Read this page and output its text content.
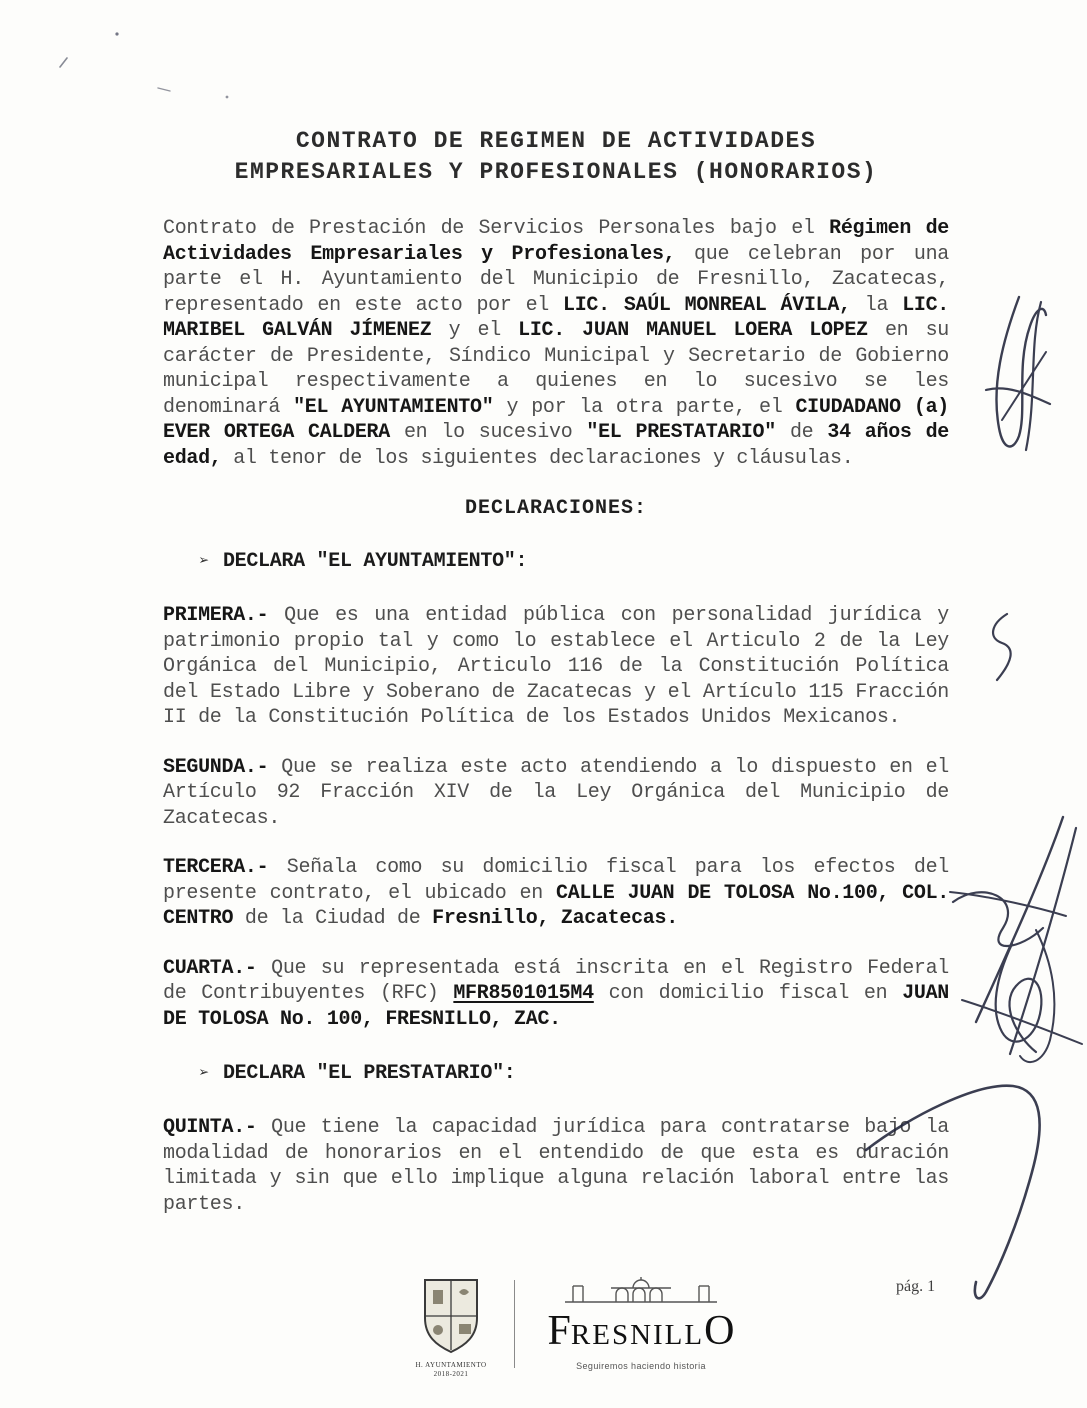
CONTRATO DE REGIMEN DE ACTIVIDADES
EMPRESARIALES Y PROFESIONALES (HONORARIOS)

Contrato de Prestación de Servicios Personales bajo el Régimen de Actividades Empresariales y Profesionales, que celebran por una parte el H. Ayuntamiento del Municipio de Fresnillo, Zacatecas, representado en este acto por el LIC. SAÚL MONREAL ÁVILA, la LIC. MARIBEL GALVÁN JÍMENEZ y el LIC. JUAN MANUEL LOERA LOPEZ en su carácter de Presidente, Síndico Municipal y Secretario de Gobierno municipal respectivamente a quienes en lo sucesivo se les denominará "EL AYUNTAMIENTO" y por la otra parte, el CIUDADANO (a) EVER ORTEGA CALDERA en lo sucesivo "EL PRESTATARIO" de 34 años de edad, al tenor de los siguientes declaraciones y cláusulas.

DECLARACIONES:
➢ DECLARA "EL AYUNTAMIENTO":

PRIMERA.- Que es una entidad pública con personalidad jurídica y patrimonio propio tal y como lo establece el Articulo 2 de la Ley Orgánica del Municipio, Articulo 116 de la Constitución Política del Estado Libre y Soberano de Zacatecas y el Artículo 115 Fracción II de la Constitución Política de los Estados Unidos Mexicanos.

SEGUNDA.- Que se realiza este acto atendiendo a lo dispuesto en el Artículo 92 Fracción XIV de la Ley Orgánica del Municipio de Zacatecas.

TERCERA.- Señala como su domicilio fiscal para los efectos del presente contrato, el ubicado en CALLE JUAN DE TOLOSA No.100, COL. CENTRO de la Ciudad de Fresnillo, Zacatecas.

CUARTA.- Que su representada está inscrita en el Registro Federal de Contribuyentes (RFC) MFR8501015M4 con domicilio fiscal en JUAN DE TOLOSA No. 100, FRESNILLO, ZAC.

➢ DECLARA "EL PRESTATARIO":

QUINTA.- Que tiene la capacidad jurídica para contratarse bajo la modalidad de honorarios en el entendido de que esta es duración limitada y sin que ello implique alguna relación laboral entre las partes.

H. AYUNTAMIENTO
2018-2021
FRESNILLO
Seguiremos haciendo historia
pág. 1
